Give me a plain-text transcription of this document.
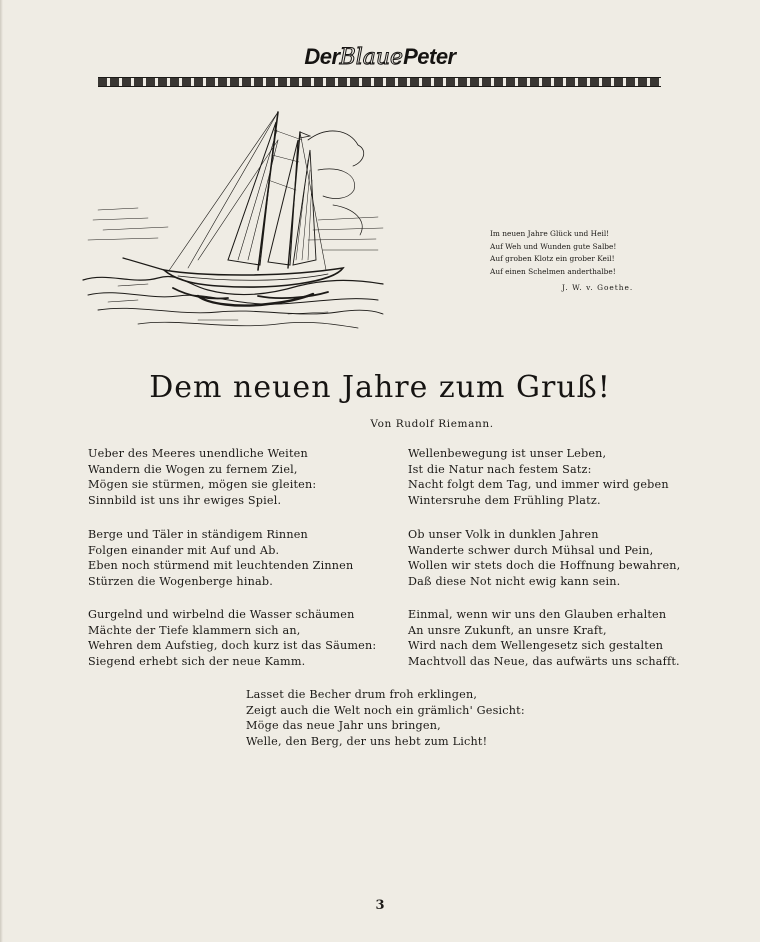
DerBlauePeter
Im neuen Jahre Glück und Heil!
Auf Weh und Wunden gute Salbe!
Auf groben Klotz ein grober Keil!
Auf einen Schelmen anderthalbe!
J. W. v. Goethe.
Dem neuen Jahre zum Gruß!
Von Rudolf Riemann.
Ueber des Meeres unendliche Weiten
Wandern die Wogen zu fernem Ziel,
Mögen sie stürmen, mögen sie gleiten:
Sinnbild ist uns ihr ewiges Spiel.
Berge und Täler in ständigem Rinnen
Folgen einander mit Auf und Ab.
Eben noch stürmend mit leuchtenden Zinnen
Stürzen die Wogenberge hinab.
Gurgelnd und wirbelnd die Wasser schäumen
Mächte der Tiefe klammern sich an,
Wehren dem Aufstieg, doch kurz ist das Säumen:
Siegend erhebt sich der neue Kamm.
Wellenbewegung ist unser Leben,
Ist die Natur nach festem Satz:
Nacht folgt dem Tag, und immer wird geben
Wintersruhe dem Frühling Platz.
Ob unser Volk in dunklen Jahren
Wanderte schwer durch Mühsal und Pein,
Wollen wir stets doch die Hoffnung bewahren,
Daß diese Not nicht ewig kann sein.
Einmal, wenn wir uns den Glauben erhalten
An unsre Zukunft, an unsre Kraft,
Wird nach dem Wellengesetz sich gestalten
Machtvoll das Neue, das aufwärts uns schafft.
Lasset die Becher drum froh erklingen,
Zeigt auch die Welt noch ein grämlich' Gesicht:
Möge das neue Jahr uns bringen,
Welle, den Berg, der uns hebt zum Licht!
3
